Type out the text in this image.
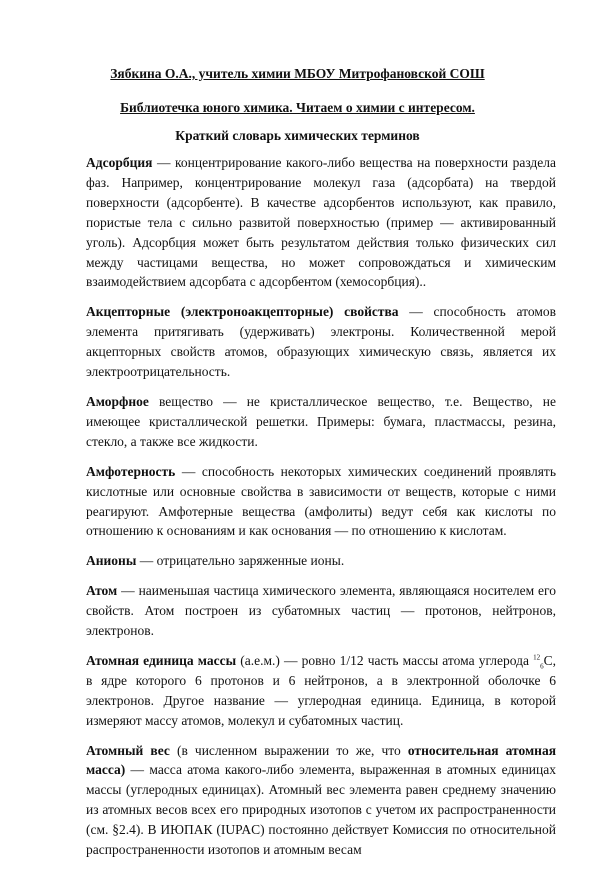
Зябкина О.А., учитель химии МБОУ Митрофановской СОШ
Библиотечка юного химика. Читаем о химии с интересом.
Краткий словарь химических терминов

Адсорбция — концентрирование какого-либо вещества на поверхности раздела фаз. Например, концентрирование молекул газа (адсорбата) на твердой поверхности (адсорбенте). В качестве адсорбентов используют, как правило, пористые тела с сильно развитой поверхностью (пример — активированный уголь). Адсорбция может быть результатом действия только физических сил между частицами вещества, но может сопровождаться и химическим взаимодействием адсорбата с адсорбентом (хемосорбция)..

Акцепторные (электроноакцепторные) свойства — способность атомов элемента притягивать (удерживать) электроны. Количественной мерой акцепторных свойств атомов, образующих химическую связь, является их электроотрицательность.

Аморфное вещество — не кристаллическое вещество, т.е. Вещество, не имеющее кристаллической решетки. Примеры: бумага, пластмассы, резина, стекло, а также все жидкости.

Амфотерность — способность некоторых химических соединений проявлять кислотные или основные свойства в зависимости от веществ, которые с ними реагируют. Амфотерные вещества (амфолиты) ведут себя как кислоты по отношению к основаниям и как основания — по отношению к кислотам.

Анионы — отрицательно заряженные ионы.

Атом — наименьшая частица химического элемента, являющаяся носителем его свойств. Атом построен из субатомных частиц — протонов, нейтронов, электронов.

Атомная единица массы (а.е.м.) — ровно 1/12 часть массы атома углерода $^{12}_6$C, в ядре которого 6 протонов и 6 нейтронов, а в электронной оболочке 6 электронов. Другое название — углеродная единица. Единица, в которой измеряют массу атомов, молекул и субатомных частиц.

Атомный вес (в численном выражении то же, что относительная атомная масса) — масса атома какого-либо элемента, выраженная в атомных единицах массы (углеродных единицах). Атомный вес элемента равен среднему значению из атомных весов всех его природных изотопов с учетом их распространенности (см. §2.4). В ИЮПАК (IUPAC) постоянно действует Комиссия по относительной распространенности изотопов и атомным весам
